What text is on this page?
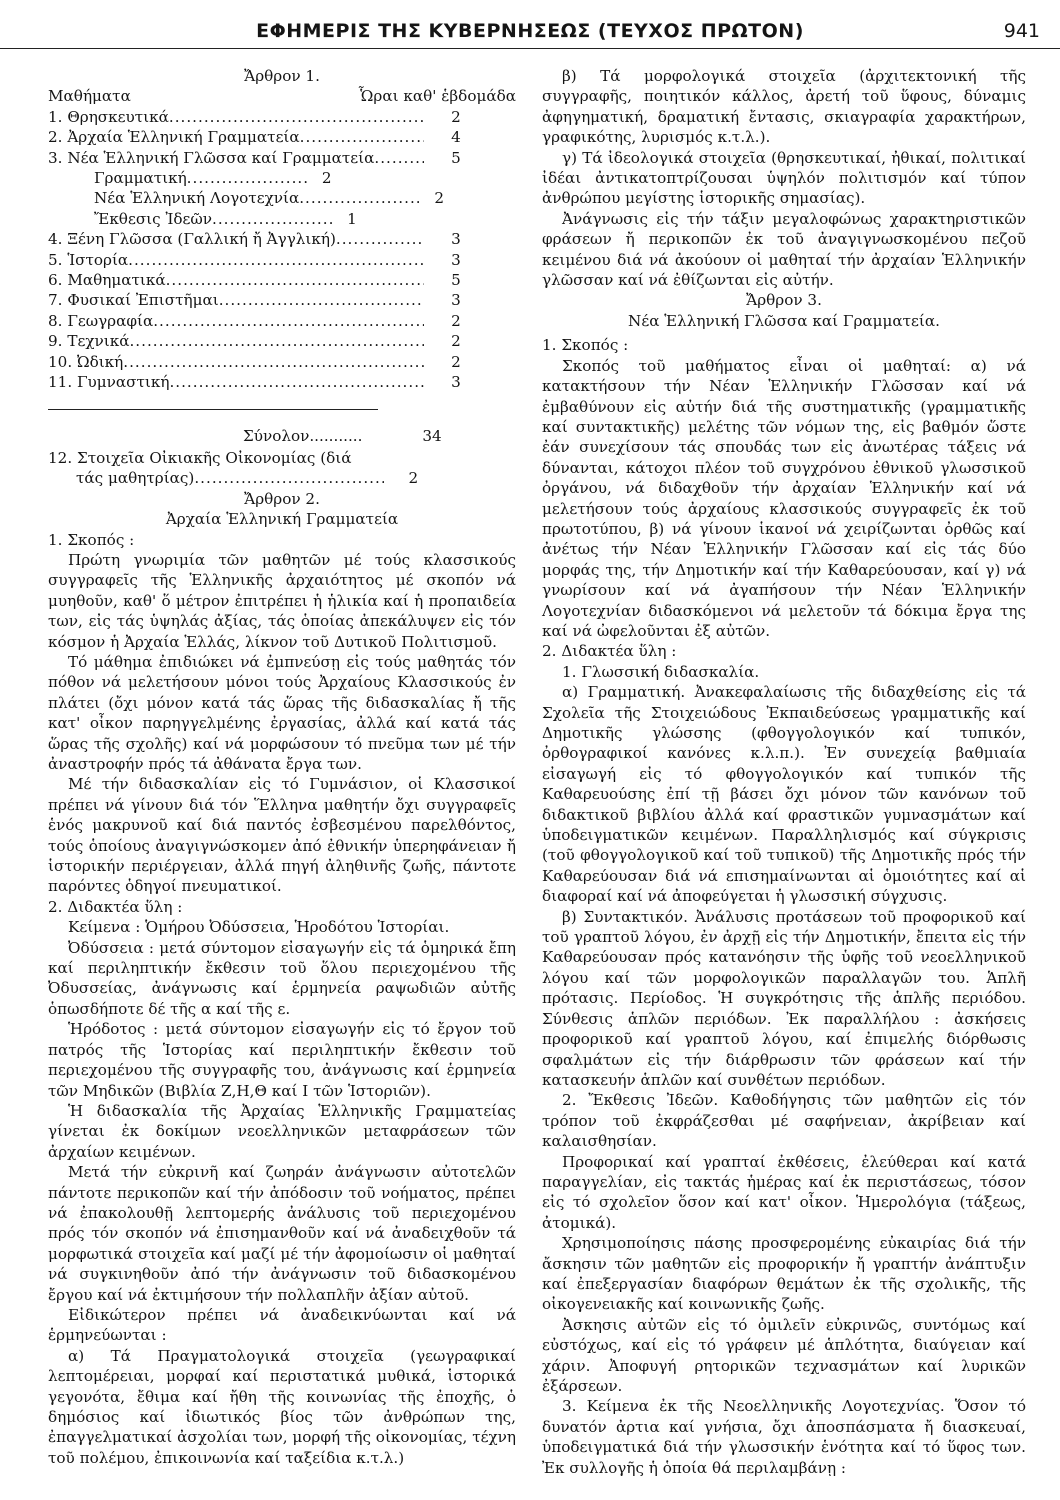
ΕΦΗΜΕΡΙΣ ΤΗΣ ΚΥΒΕΡΝΗΣΕΩΣ (ΤΕΥΧΟΣ ΠΡΩΤΟΝ)	941

Ἄρθρον 1.

Μαθήματα	Ὧραι καθ' ἑβδομάδα
1. Θρησκευτικά .....	2
2. Ἀρχαία Ἑλληνική Γραμματεία .....	4
3. Νέα Ἑλληνική Γλῶσσα καί Γραμματεία .....	5
Γραμματική .....	2
Νέα Ἑλληνική Λογοτεχνία .....	2
Ἔκθεσις Ἰδεῶν .....	1
4. Ξένη Γλῶσσα (Γαλλική ἤ Ἀγγλική) .....	3
5. Ἱστορία .....	3
6. Μαθηματικά .....	5
7. Φυσικαί Ἐπιστῆμαι .....	3
8. Γεωγραφία .....	2
9. Τεχνικά .....	2
10. Ὠδική .....	2
11. Γυμναστική .....	3
Σύνολον ...........	34
12. Στοιχεῖα Οἰκιακῆς Οἰκονομίας (διά
τάς μαθητρίας) .....	2

Ἄρθρον 2.

Ἀρχαία Ἑλληνική Γραμματεία

1. Σκοπός :

Πρώτη γνωριμία τῶν μαθητῶν μέ τούς κλασσικούς συγγραφεῖς τῆς Ἑλληνικῆς ἀρχαιότητος μέ σκοπόν νά μυηθοῦν, καθ' ὅ μέτρον ἐπιτρέπει ἡ ἡλικία καί ἡ προπαιδεία των, εἰς τάς ὑψηλάς ἀξίας, τάς ὁποίας ἀπεκάλυψεν εἰς τόν κόσμον ἡ Ἀρχαία Ἑλλάς, λίκνον τοῦ Δυτικοῦ Πολιτισμοῦ.

Τό μάθημα ἐπιδιώκει νά ἐμπνεύσῃ εἰς τούς μαθητάς τόν πόθον νά μελετήσουν μόνοι τούς Ἀρχαίους Κλασσικούς ἐν πλάτει (ὄχι μόνον κατά τάς ὥρας τῆς διδασκαλίας ἤ τῆς κατ' οἶκον παρηγγελμένης ἐργασίας, ἀλλά καί κατά τάς ὥρας τῆς σχολῆς) καί νά μορφώσουν τό πνεῦμα των μέ τήν ἀναστροφήν πρός τά ἀθάνατα ἔργα των.

Μέ τήν διδασκαλίαν εἰς τό Γυμνάσιον, οἱ Κλασσικοί πρέπει νά γίνουν διά τόν Ἕλληνα μαθητήν ὄχι συγγραφεῖς ἑνός μακρυνοῦ καί διά παντός ἐσβεσμένου παρελθόντος, τούς ὁποίους ἀναγιγνώσκομεν ἀπό ἐθνικήν ὑπερηφάνειαν ἤ ἱστορικήν περιέργειαν, ἀλλά πηγή ἀληθινῆς ζωῆς, πάντοτε παρόντες ὁδηγοί πνευματικοί.

2. Διδακτέα ὕλη :

Κείμενα : Ὁμήρου Ὀδύσσεια, Ἡροδότου Ἱστορίαι.

Ὀδύσσεια : μετά σύντομον εἰσαγωγήν εἰς τά ὁμηρικά ἔπη καί περιληπτικήν ἔκθεσιν τοῦ ὅλου περιεχομένου τῆς Ὀδυσσείας, ἀνάγνωσις καί ἑρμηνεία ραψωδιῶν αὐτῆς ὁπωσδήποτε δέ τῆς α καί τῆς ε.

Ἡρόδοτος : μετά σύντομον εἰσαγωγήν εἰς τό ἔργον τοῦ πατρός τῆς Ἱστορίας καί περιληπτικήν ἔκθεσιν τοῦ περιεχομένου τῆς συγγραφῆς του, ἀνάγνωσις καί ἑρμηνεία τῶν Μηδικῶν (Βιβλία Ζ,Η,Θ καί Ι τῶν Ἱστοριῶν).

Ἡ διδασκαλία τῆς Ἀρχαίας Ἑλληνικῆς Γραμματείας γίνεται ἐκ δοκίμων νεοελληνικῶν μεταφράσεων τῶν ἀρχαίων κειμένων.

Μετά τήν εὐκρινῆ καί ζωηράν ἀνάγνωσιν αὐτοτελῶν πάντοτε περικοπῶν καί τήν ἀπόδοσιν τοῦ νοήματος, πρέπει νά ἐπακολουθῇ λεπτομερής ἀνάλυσις τοῦ περιεχομένου πρός τόν σκοπόν νά ἐπισημανθοῦν καί νά ἀναδειχθοῦν τά μορφωτικά στοιχεῖα καί μαζί μέ τήν ἀφομοίωσιν οἱ μαθηταί νά συγκινηθοῦν ἀπό τήν ἀνάγνωσιν τοῦ διδασκομένου ἔργου καί νά ἐκτιμήσουν τήν πολλαπλῆν ἀξίαν αὐτοῦ.

Εἰδικώτερον πρέπει νά ἀναδεικνύωνται καί νά ἑρμηνεύωνται :

α) Τά Πραγματολογικά στοιχεῖα (γεωγραφικαί λεπτομέρειαι, μορφαί καί περιστατικά μυθικά, ἱστορικά γεγονότα, ἔθιμα καί ἤθη τῆς κοινωνίας τῆς ἐποχῆς, ὁ δημόσιος καί ἰδιωτικός βίος τῶν ἀνθρώπων της, ἐπαγγελματικαί ἀσχολίαι των, μορφή τῆς οἰκονομίας, τέχνη τοῦ πολέμου, ἐπικοινωνία καί ταξείδια κ.τ.λ.)

β) Τά μορφολογικά στοιχεῖα (ἀρχιτεκτονική τῆς συγγραφῆς, ποιητικόν κάλλος, ἀρετή τοῦ ὕφους, δύναμις ἀφηγηματική, δραματική ἔντασις, σκιαγραφία χαρακτήρων, γραφικότης, λυρισμός κ.τ.λ.).

γ) Τά ἰδεολογικά στοιχεῖα (θρησκευτικαί, ἠθικαί, πολιτικαί ἰδέαι ἀντικατοπτρίζουσαι ὑψηλόν πολιτισμόν καί τύπον ἀνθρώπου μεγίστης ἱστορικῆς σημασίας).

Ἀνάγνωσις εἰς τήν τάξιν μεγαλοφώνως χαρακτηριστικῶν φράσεων ἤ περικοπῶν ἐκ τοῦ ἀναγιγνωσκομένου πεζοῦ κειμένου διά νά ἀκούουν οἱ μαθηταί τήν ἀρχαίαν Ἑλληνικήν γλῶσσαν καί νά ἐθίζωνται εἰς αὐτήν.

Ἄρθρον 3.

Νέα Ἑλληνική Γλῶσσα καί Γραμματεία.

1. Σκοπός :

Σκοπός τοῦ μαθήματος εἶναι οἱ μαθηταί: α) νά κατακτήσουν τήν Νέαν Ἑλληνικήν Γλῶσσαν καί νά ἐμβαθύνουν εἰς αὐτήν διά τῆς συστηματικῆς (γραμματικῆς καί συντακτικῆς) μελέτης τῶν νόμων της, εἰς βαθμόν ὥστε ἐάν συνεχίσουν τάς σπουδάς των εἰς ἀνωτέρας τάξεις νά δύνανται, κάτοχοι πλέον τοῦ συγχρόνου ἐθνικοῦ γλωσσικοῦ ὀργάνου, νά διδαχθοῦν τήν ἀρχαίαν Ἑλληνικήν καί νά μελετήσουν τούς ἀρχαίους κλασσικούς συγγραφεῖς ἐκ τοῦ πρωτοτύπου, β) νά γίνουν ἱκανοί νά χειρίζωνται ὀρθῶς καί ἀνέτως τήν Νέαν Ἑλληνικήν Γλῶσσαν καί εἰς τάς δύο μορφάς της, τήν Δημοτικήν καί τήν Καθαρεύουσαν, καί γ) νά γνωρίσουν καί νά ἀγαπήσουν τήν Νέαν Ἑλληνικήν Λογοτεχνίαν διδασκόμενοι νά μελετοῦν τά δόκιμα ἔργα της καί νά ὠφελοῦνται ἐξ αὐτῶν.

2. Διδακτέα ὕλη :

1. Γλωσσική διδασκαλία.

α) Γραμματική. Ἀνακεφαλαίωσις τῆς διδαχθείσης εἰς τά Σχολεῖα τῆς Στοιχειώδους Ἐκπαιδεύσεως γραμματικῆς καί Δημοτικῆς γλώσσης (φθογγολογικόν καί τυπικόν, ὀρθογραφικοί κανόνες κ.λ.π.). Ἐν συνεχείᾳ βαθμιαία εἰσαγωγή εἰς τό φθογγολογικόν καί τυπικόν τῆς Καθαρευούσης ἐπί τῇ βάσει ὄχι μόνον τῶν κανόνων τοῦ διδακτικοῦ βιβλίου ἀλλά καί φραστικῶν γυμνασμάτων καί ὑποδειγματικῶν κειμένων. Παραλληλισμός καί σύγκρισις (τοῦ φθογγολογικοῦ καί τοῦ τυπικοῦ) τῆς Δημοτικῆς πρός τήν Καθαρεύουσαν διά νά επισημαίνωνται αἱ ὁμοιότητες καί αἱ διαφοραί καί νά ἀποφεύγεται ἡ γλωσσική σύγχυσις.

β) Συντακτικόν. Ἀνάλυσις προτάσεων τοῦ προφορικοῦ καί τοῦ γραπτοῦ λόγου, ἐν ἀρχῇ εἰς τήν Δημοτικήν, ἔπειτα εἰς τήν Καθαρεύουσαν πρός κατανόησιν τῆς ὑφῆς τοῦ νεοελληνικοῦ λόγου καί τῶν μορφολογικῶν παραλλαγῶν του. Ἁπλῆ πρότασις. Περίοδος. Ἡ συγκρότησις τῆς ἁπλῆς περιόδου. Σύνθεσις ἁπλῶν περιόδων. Ἐκ παραλλήλου : ἀσκήσεις προφορικοῦ καί γραπτοῦ λόγου, καί ἐπιμελής διόρθωσις σφαλμάτων εἰς τήν διάρθρωσιν τῶν φράσεων καί τήν κατασκευήν ἁπλῶν καί συνθέτων περιόδων.

2. Ἔκθεσις Ἰδεῶν. Καθοδήγησις τῶν μαθητῶν εἰς τόν τρόπον τοῦ ἐκφράζεσθαι μέ σαφήνειαν, ἀκρίβειαν καί καλαισθησίαν.

Προφορικαί καί γραπταί ἐκθέσεις, ἐλεύθεραι καί κατά παραγγελίαν, εἰς τακτάς ἡμέρας καί ἐκ περιστάσεως, τόσον εἰς τό σχολεῖον ὅσον καί κατ' οἶκον. Ἡμερολόγια (τάξεως, ἀτομικά).

Χρησιμοποίησις πάσης προσφερομένης εὐκαιρίας διά τήν ἄσκησιν τῶν μαθητῶν εἰς προφορικήν ἤ γραπτήν ἀνάπτυξιν καί ἐπεξεργασίαν διαφόρων θεμάτων ἐκ τῆς σχολικῆς, τῆς οἰκογενειακῆς καί κοινωνικῆς ζωῆς.

Ἀσκησις αὐτῶν εἰς τό ὁμιλεῖν εὐκρινῶς, συντόμως καί εὐστόχως, καί εἰς τό γράφειν μέ ἁπλότητα, διαύγειαν καί χάριν. Ἀποφυγή ρητορικῶν τεχνασμάτων καί λυρικῶν ἐξάρσεων.

3. Κείμενα ἐκ τῆς Νεοελληνικῆς Λογοτεχνίας. Ὅσον τό δυνατόν ἀρτια καί γνήσια, ὄχι ἀποσπάσματα ἤ διασκευαί, ὑποδειγματικά διά τήν γλωσσικήν ἑνότητα καί τό ὕφος των. Ἐκ συλλογῆς ἡ ὁποία θά περιλαμβάνῃ :
